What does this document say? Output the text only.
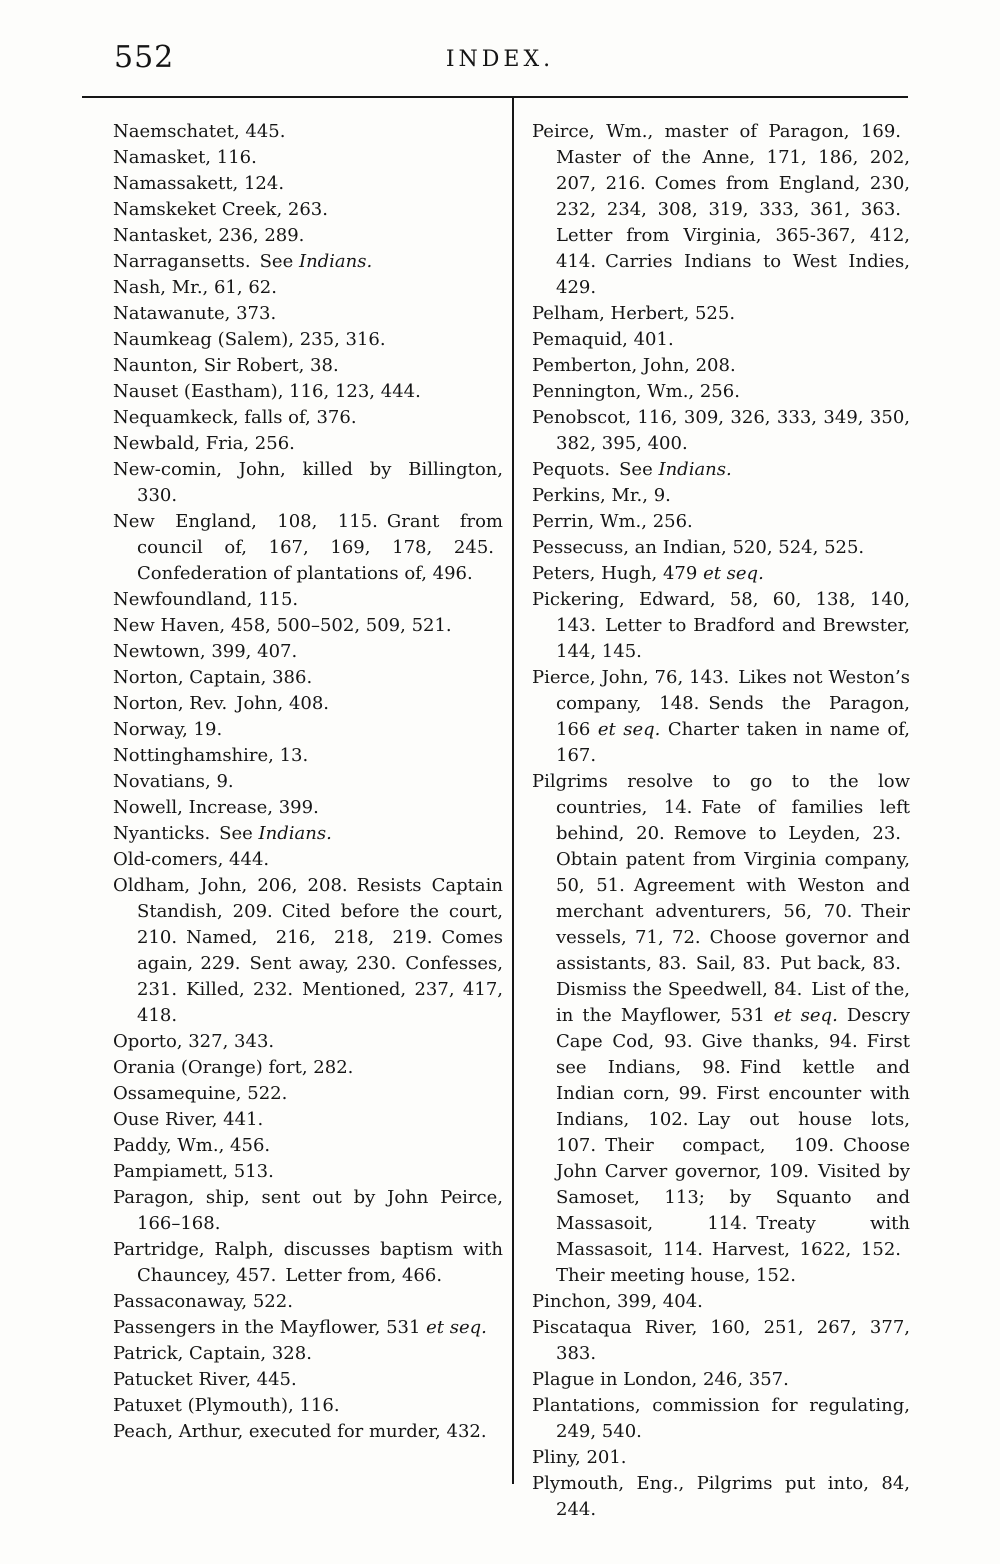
552	INDEX.

Naemschatet, 445.

Namasket, 116.

Namassakett, 124.

Namskeket Creek, 263.

Nantasket, 236, 289.

Narragansetts. See Indians.

Nash, Mr., 61, 62.

Natawanute, 373.

Naumkeag (Salem), 235, 316.

Naunton, Sir Robert, 38.

Nauset (Eastham), 116, 123, 444.

Nequamkeck, falls of, 376.

Newbald, Fria, 256.

New-comin, John, killed by Billington, 330.

New England, 108, 115. Grant from council of, 167, 169, 178, 245. Confederation of plantations of, 496.

Newfoundland, 115.

New Haven, 458, 500–502, 509, 521.

Newtown, 399, 407.

Norton, Captain, 386.

Norton, Rev. John, 408.

Norway, 19.

Nottinghamshire, 13.

Novatians, 9.

Nowell, Increase, 399.

Nyanticks. See Indians.

Old-comers, 444.

Oldham, John, 206, 208. Resists Captain Standish, 209. Cited before the court, 210. Named, 216, 218, 219. Comes again, 229. Sent away, 230. Confesses, 231. Killed, 232. Mentioned, 237, 417, 418.

Oporto, 327, 343.

Orania (Orange) fort, 282.

Ossamequine, 522.

Ouse River, 441.

Paddy, Wm., 456.

Pampiamett, 513.

Paragon, ship, sent out by John Peirce, 166–168.

Partridge, Ralph, discusses baptism with Chauncey, 457. Letter from, 466.

Passaconaway, 522.

Passengers in the Mayflower, 531 et seq.

Patrick, Captain, 328.

Patucket River, 445.

Patuxet (Plymouth), 116.

Peach, Arthur, executed for murder, 432.

Peirce, Wm., master of Paragon, 169. Master of the Anne, 171, 186, 202, 207, 216. Comes from England, 230, 232, 234, 308, 319, 333, 361, 363. Letter from Virginia, 365-367, 412, 414. Carries Indians to West Indies, 429.

Pelham, Herbert, 525.

Pemaquid, 401.

Pemberton, John, 208.

Pennington, Wm., 256.

Penobscot, 116, 309, 326, 333, 349, 350, 382, 395, 400.

Pequots. See Indians.

Perkins, Mr., 9.

Perrin, Wm., 256.

Pessecuss, an Indian, 520, 524, 525.

Peters, Hugh, 479 et seq.

Pickering, Edward, 58, 60, 138, 140, 143. Letter to Bradford and Brewster, 144, 145.

Pierce, John, 76, 143. Likes not Weston’s company, 148. Sends the Paragon, 166 et seq. Charter taken in name of, 167.

Pilgrims resolve to go to the low countries, 14. Fate of families left behind, 20. Remove to Leyden, 23. Obtain patent from Virginia company, 50, 51. Agreement with Weston and merchant adventurers, 56, 70. Their vessels, 71, 72. Choose governor and assistants, 83. Sail, 83. Put back, 83. Dismiss the Speedwell, 84. List of the, in the Mayflower, 531 et seq. Descry Cape Cod, 93. Give thanks, 94. First see Indians, 98. Find kettle and Indian corn, 99. First encounter with Indians, 102. Lay out house lots, 107. Their compact, 109. Choose John Carver governor, 109. Visited by Samoset, 113; by Squanto and Massasoit, 114. Treaty with Massasoit, 114. Harvest, 1622, 152. Their meeting house, 152.

Pinchon, 399, 404.

Piscataqua River, 160, 251, 267, 377, 383.

Plague in London, 246, 357.

Plantations, commission for regulating, 249, 540.

Pliny, 201.

Plymouth, Eng., Pilgrims put into, 84, 244.
